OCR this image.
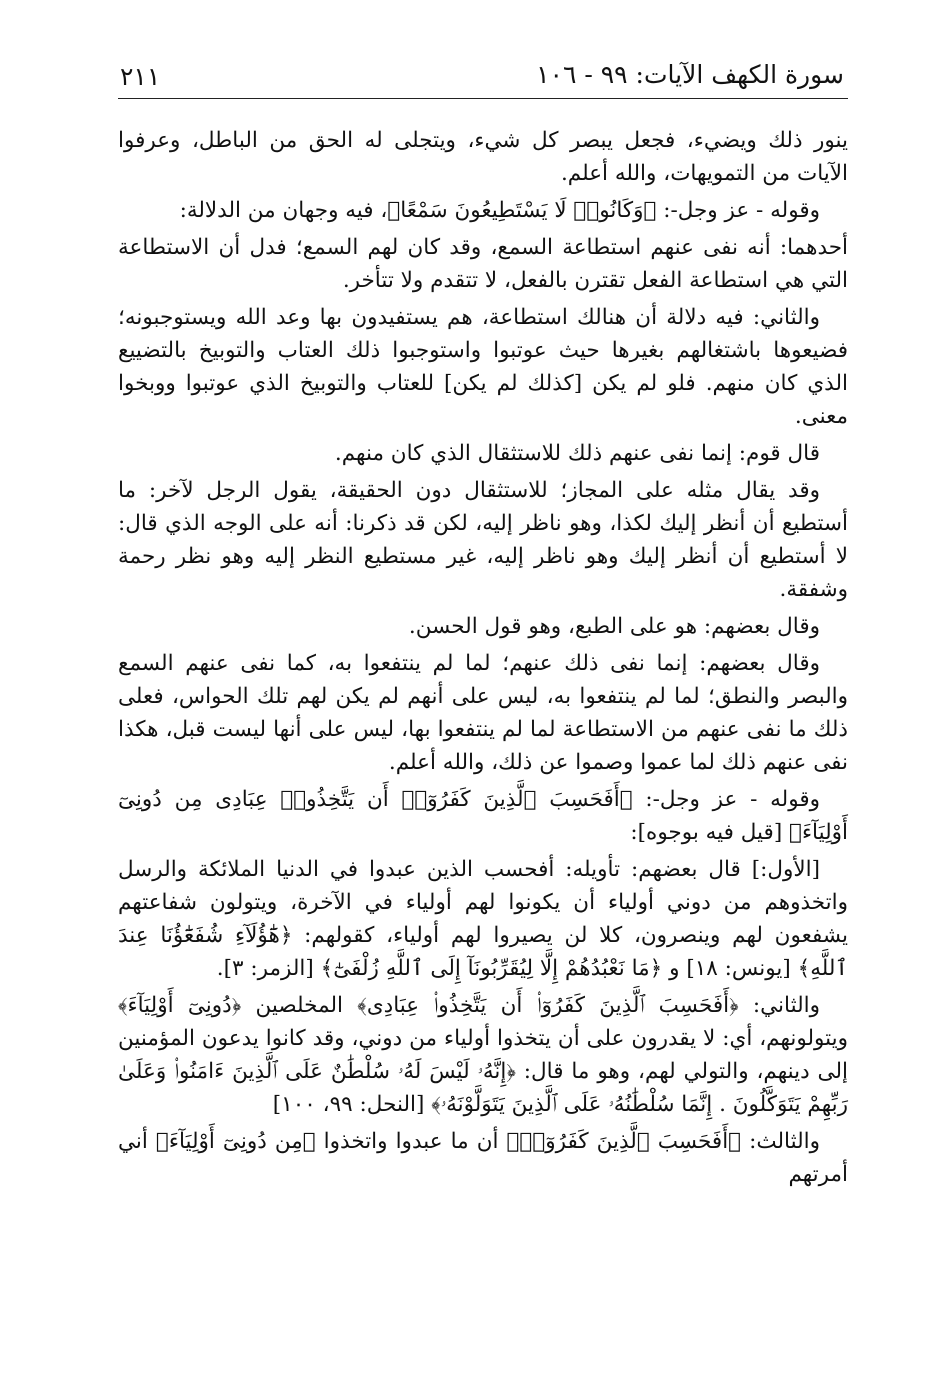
٢١١	سورة الكهف الآيات: ٩٩ - ١٠٦

ينور ذلك ويضيء، فجعل يبصر كل شيء، ويتجلى له الحق من الباطل، وعرفوا الآيات من التمويهات، والله أعلم.

وقوله - عز وجل-: ﴿وَكَانُوا۟ لَا يَسْتَطِيعُونَ سَمْعًا﴾، فيه وجهان من الدلالة:

أحدهما: أنه نفى عنهم استطاعة السمع، وقد كان لهم السمع؛ فدل أن الاستطاعة التي هي استطاعة الفعل تقترن بالفعل، لا تتقدم ولا تتأخر.

والثاني: فيه دلالة أن هنالك استطاعة، هم يستفيدون بها وعد الله ويستوجبونه؛ فضيعوها باشتغالهم بغيرها حيث عوتبوا واستوجبوا ذلك العتاب والتوبيخ بالتضييع الذي كان منهم. فلو لم يكن [كذلك لم يكن] للعتاب والتوبيخ الذي عوتبوا ووبخوا معنى.

قال قوم: إنما نفى عنهم ذلك للاستثقال الذي كان منهم.

وقد يقال مثله على المجاز؛ للاستثقال دون الحقيقة، يقول الرجل لآخر: ما أستطيع أن أنظر إليك لكذا، وهو ناظر إليه، لكن قد ذكرنا: أنه على الوجه الذي قال: لا أستطيع أن أنظر إليك وهو ناظر إليه، غير مستطيع النظر إليه وهو نظر رحمة وشفقة.

وقال بعضهم: هو على الطبع، وهو قول الحسن.

وقال بعضهم: إنما نفى ذلك عنهم؛ لما لم ينتفعوا به، كما نفى عنهم السمع والبصر والنطق؛ لما لم ينتفعوا به، ليس على أنهم لم يكن لهم تلك الحواس، فعلى ذلك ما نفى عنهم من الاستطاعة لما لم ينتفعوا بها، ليس على أنها ليست قبل، هكذا نفى عنهم ذلك لما عموا وصموا عن ذلك، والله أعلم.

وقوله - عز وجل-: ﴿أَفَحَسِبَ ٱلَّذِينَ كَفَرُوٓا۟ أَن يَتَّخِذُوا۟ عِبَادِى مِن دُونِىٓ أَوْلِيَآءَ﴾ [قيل فيه بوجوه]:

[الأول:] قال بعضهم: تأويله: أفحسب الذين عبدوا في الدنيا الملائكة والرسل واتخذوهم من دوني أولياء أن يكونوا لهم أولياء في الآخرة، ويتولون شفاعتهم يشفعون لهم وينصرون، كلا لن يصيروا لهم أولياء، كقولهم: ﴿هَٰٓؤُلَآءِ شُفَعَٰٓؤُنَا عِندَ ٱللَّهِ﴾ [يونس: ١٨] و ﴿مَا نَعْبُدُهُمْ إِلَّا لِيُقَرِّبُونَآ إِلَى ٱللَّهِ زُلْفَىٰٓ﴾ [الزمر: ٣].

والثاني: ﴿أَفَحَسِبَ ٱلَّذِينَ كَفَرُوٓا۟ أَن يَتَّخِذُوا۟ عِبَادِى﴾ المخلصين ﴿دُونِىٓ أَوْلِيَآءَ﴾ ويتولونهم، أي: لا يقدرون على أن يتخذوا أولياء من دوني، وقد كانوا يدعون المؤمنين إلى دينهم، والتولي لهم، وهو ما قال: ﴿إِنَّهُۥ لَيْسَ لَهُۥ سُلْطَٰنٌ عَلَى ٱلَّذِينَ ءَامَنُوا۟ وَعَلَىٰ رَبِّهِمْ يَتَوَكَّلُونَ . إِنَّمَا سُلْطَٰنُهُۥ عَلَى ٱلَّذِينَ يَتَوَلَّوْنَهُۥ﴾ [النحل: ٩٩، ١٠٠]

والثالث: ﴿أَفَحَسِبَ ٱلَّذِينَ كَفَرُوٓا۟﴾ أن ما عبدوا واتخذوا ﴿مِن دُونِىٓ أَوْلِيَآءَ﴾ أني أمرتهم
